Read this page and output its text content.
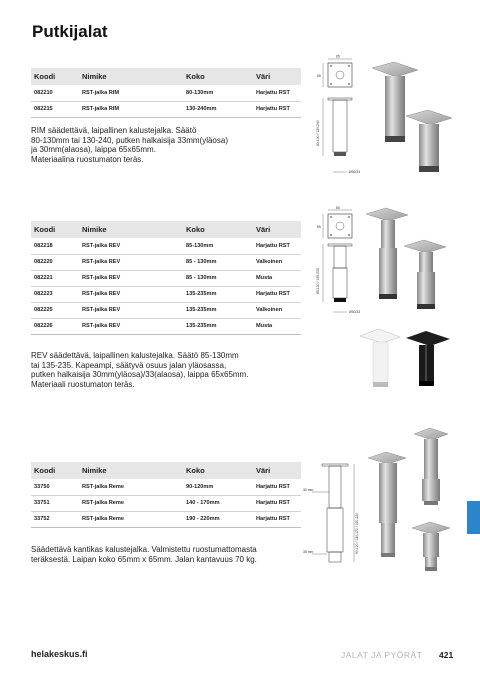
Putkijalat
Koodi	Nimike	Koko	Väri
082210	RST-jalka RIM	80-130mm	Harjattu RST
082215	RST-jalka RIM	130-240mm	Harjattu RST
RIM säädettävä, laipallinen kalustejalka. Säätö
80-130mm tai 130-240, putken halkaisija 33mm(yläosa)
ja 30mm(alaosa), laippa 65x65mm.
Materiaalina ruostumaton teräs.
65
65
80-130 / 130-240
Ø30/33
Koodi	Nimike	Koko	Väri
082218	RST-jalka REV	85-130mm	Harjattu RST
082220	RST-jalka REV	85 - 130mm	Valkoinen
082221	RST-jalka REV	85 - 130mm	Musta
082223	RST-jalka REV	135-235mm	Harjattu RST
082225	RST-jalka REV	135-235mm	Valkoinen
082226	RST-jalka REV	135-235mm	Musta
REV säädettävä, laipallinen kalustejalka. Säätö 85-130mm
tai 135-235. Kapeampi, säätyvä osuus jalan yläosassa,
putken halkaisija 30mm(yläosa)/33(alaosa), laippa 65x65mm.
Materiaali ruostumaton teräs.
65
65
85-130 / 135-235
Ø30/33
Koodi	Nimike	Koko	Väri
33750	RST-jalka Reme	90-120mm	Harjattu RST
33751	RST-jalka Reme	140 - 170mm	Harjattu RST
33752	RST-jalka Reme	190 - 220mm	Harjattu RST
Säädettävä kantikas kalustejalka. Valmistettu ruostumattomasta
teräksestä. Laipan koko 65mm x 65mm. Jalan kantavuus 70 kg.
30 mm
35 mm	90-120 / 140-170 / 190-220
helakeskus.fi	JALAT JA PYÖRÄT 421
